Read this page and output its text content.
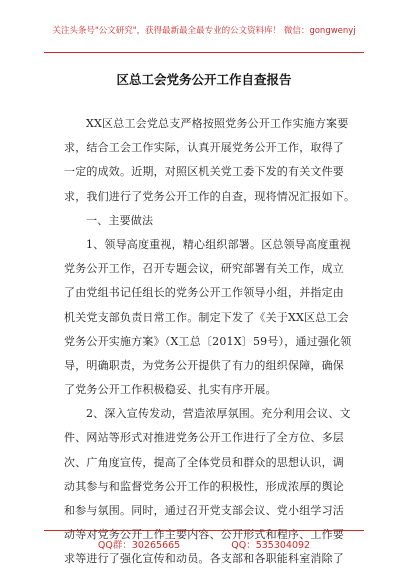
关注头条号"公文研究"，获得最新最全最专业的公文资料库！ 微信：gongwenyj
区总工会党务公开工作自查报告
XX区总工会党总支严格按照党务公开工作实施方案要
求，结合工会工作实际，认真开展党务公开工作，取得了
一定的成效。近期，对照区机关党工委下发的有关文件要
求，我们进行了党务公开工作的自查，现将情况汇报如下。
一、主要做法
1、领导高度重视，精心组织部署。区总领导高度重视
党务公开工作，召开专题会议，研究部署有关工作，成立
了由党组书记任组长的党务公开工作领导小组，并指定由
机关党支部负责日常工作。制定下发了《关于XX区总工会
党务公开实施方案》（X工总〔201X〕59号），通过强化领
导，明确职责，为党务公开提供了有力的组织保障，确保
了党务公开工作积极稳妥、扎实有序开展。
2、深入宣传发动，营造浓厚氛围。充分利用会议、文
件、网站等形式对推进党务公开工作进行了全方位、多层
次、广角度宣传，提高了全体党员和群众的思想认识，调
动其参与和监督党务公开工作的积极性，形成浓厚的舆论
和参与氛围。同时，通过召开党支部会议、党小组学习活
动等对党务公开工作主要内容、公开形式和程序、工作要
求等进行了强化宣传和动员。各支部和各职能科室消除了
QQ群：30265665	QQ：535304092
